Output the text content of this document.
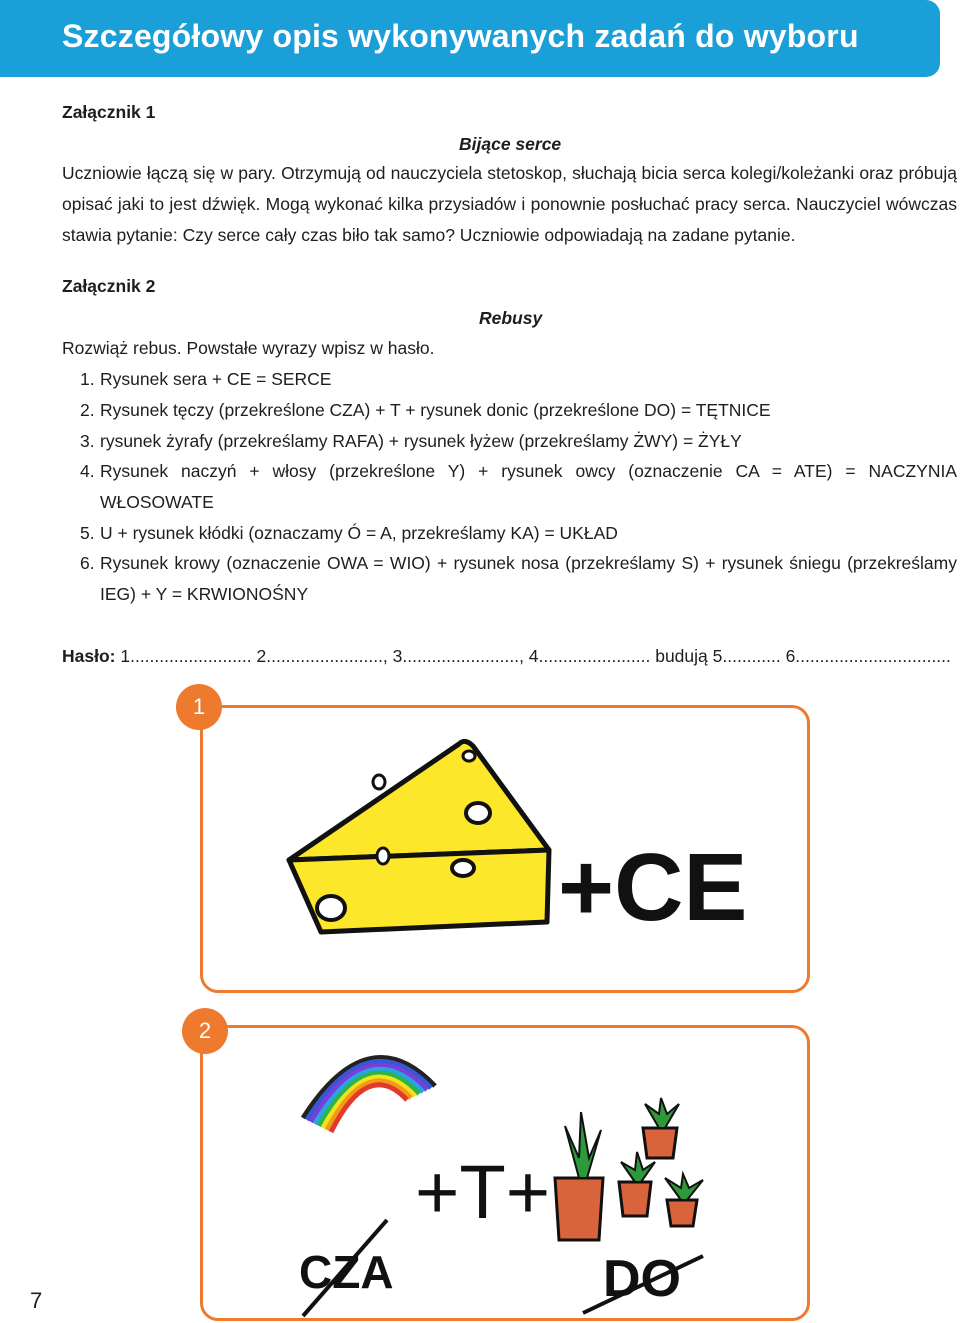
Szczegółowy opis wykonywanych zadań do wyboru
Załącznik 1
Bijące serce
Uczniowie łączą się w pary. Otrzymują od nauczyciela stetoskop, słuchają bicia serca kolegi/koleżanki oraz próbują opisać jaki to jest dźwięk. Mogą wykonać kilka przysiadów i ponownie posłuchać pracy serca. Nauczyciel wówczas stawia pytanie: Czy serce cały czas biło tak samo? Uczniowie odpowiadają na zadane pytanie.
Załącznik 2
Rebusy
Rozwiąż rebus. Powstałe wyrazy wpisz w hasło.
1. Rysunek sera + CE = SERCE
2. Rysunek tęczy (przekreślone CZA) + T + rysunek donic (przekreślone DO) = TĘTNICE
3. rysunek żyrafy (przekreślamy RAFA) + rysunek łyżew (przekreślamy ŻWY) = ŻYŁY
4. Rysunek naczyń + włosy (przekreślone Y) + rysunek owcy (oznaczenie CA = ATE) = NACZYNIA WŁOSOWATE
5. U + rysunek kłódki (oznaczamy Ó = A, przekreślamy KA) = UKŁAD
6. Rysunek krowy (oznaczenie OWA = WIO) + rysunek nosa (przekreślamy S) + rysunek śniegu (przekreślamy IEG) + Y = KRWIONOŚNY
Hasło: 1......................... 2........................, 3........................, 4....................... budują 5............ 6................................
+CE
1
+T+
CZA	DO
2
7
